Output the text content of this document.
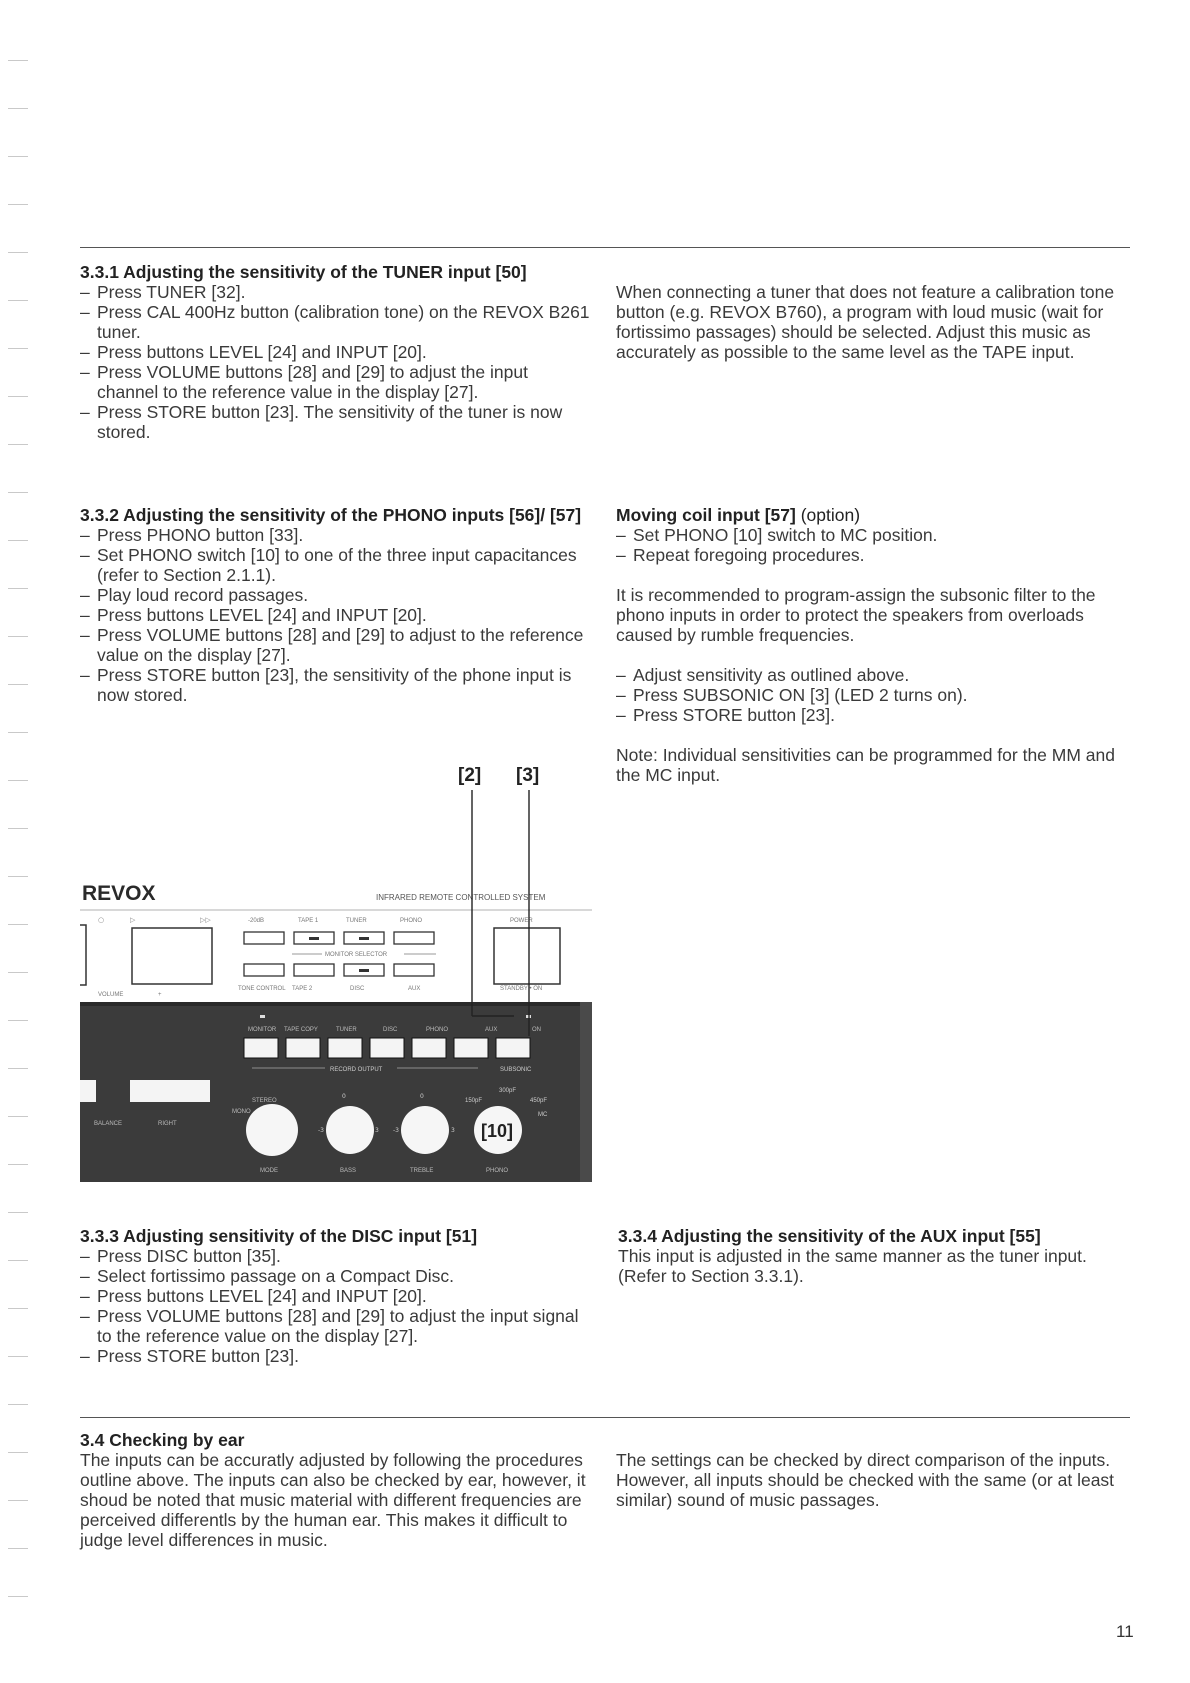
3.3.1 Adjusting the sensitivity of the TUNER input [50]
– Press TUNER [32].
– Press CAL 400Hz button (calibration tone) on the REVOX B261 tuner.
– Press buttons LEVEL [24] and INPUT [20].
– Press VOLUME buttons [28] and [29] to adjust the input channel to the reference value in the display [27].
– Press STORE button [23]. The sensitivity of the tuner is now stored.

When connecting a tuner that does not feature a calibration tone button (e.g. REVOX B760), a program with loud music (wait for fortissimo passages) should be selected. Adjust this music as accurately as possible to the same level as the TAPE input.

3.3.2 Adjusting the sensitivity of the PHONO inputs [56]/ [57]
– Press PHONO button [33].
– Set PHONO switch [10] to one of the three input capacitances (refer to Section 2.1.1).
– Play loud record passages.
– Press buttons LEVEL [24] and INPUT [20].
– Press VOLUME buttons [28] and [29] to adjust to the reference value on the display [27].
– Press STORE button [23], the sensitivity of the phone input is now stored.
Moving coil input [57] (option)
– Set PHONO [10] switch to MC position.
– Repeat foregoing procedures.

It is recommended to program-assign the subsonic filter to the phono inputs in order to protect the speakers from overloads caused by rumble frequencies.

– Adjust sensitivity as outlined above.
– Press SUBSONIC ON [3] (LED 2 turns on).
– Press STORE button [23].

Note: Individual sensitivities can be programmed for the MM and the MC input.

[2] [3]
REVOX	INFRARED REMOTE CONTROLLED SYSTEM
○	▷	▷▷
VOLUME	+
-20dB	TAPE 1	TUNER	PHONO
MONITOR SELECTOR
TONE CONTROL TAPE 2	DISC	AUX
POWER
STANDBY • ON
MONITOR TAPE COPY	TUNER	DISC	PHONO	AUX	ON
RECORD OUTPUT	SUBSONIC
BALANCE	RIGHT
MONO
STEREO
MODE
0
-3	3
BASS
0
-3	3
TREBLE
150pF
300pF
450pF
MC
[10]
PHONO
3.3.3 Adjusting sensitivity of the DISC input [51]
– Press DISC button [35].
– Select fortissimo passage on a Compact Disc.
– Press buttons LEVEL [24] and INPUT [20].
– Press VOLUME buttons [28] and [29] to adjust the input signal to the reference value on the display [27].
– Press STORE button [23].
3.3.4 Adjusting the sensitivity of the AUX input [55]

This input is adjusted in the same manner as the tuner input. (Refer to Section 3.3.1).

3.4 Checking by ear

The inputs can be accuratly adjusted by following the procedures outline above. The inputs can also be checked by ear, however, it shoud be noted that music material with different frequencies are perceived differentls by the human ear. This makes it difficult to judge level differences in music.

The settings can be checked by direct comparison of the inputs. However, all inputs should be checked with the same (or at least similar) sound of music passages.

11
